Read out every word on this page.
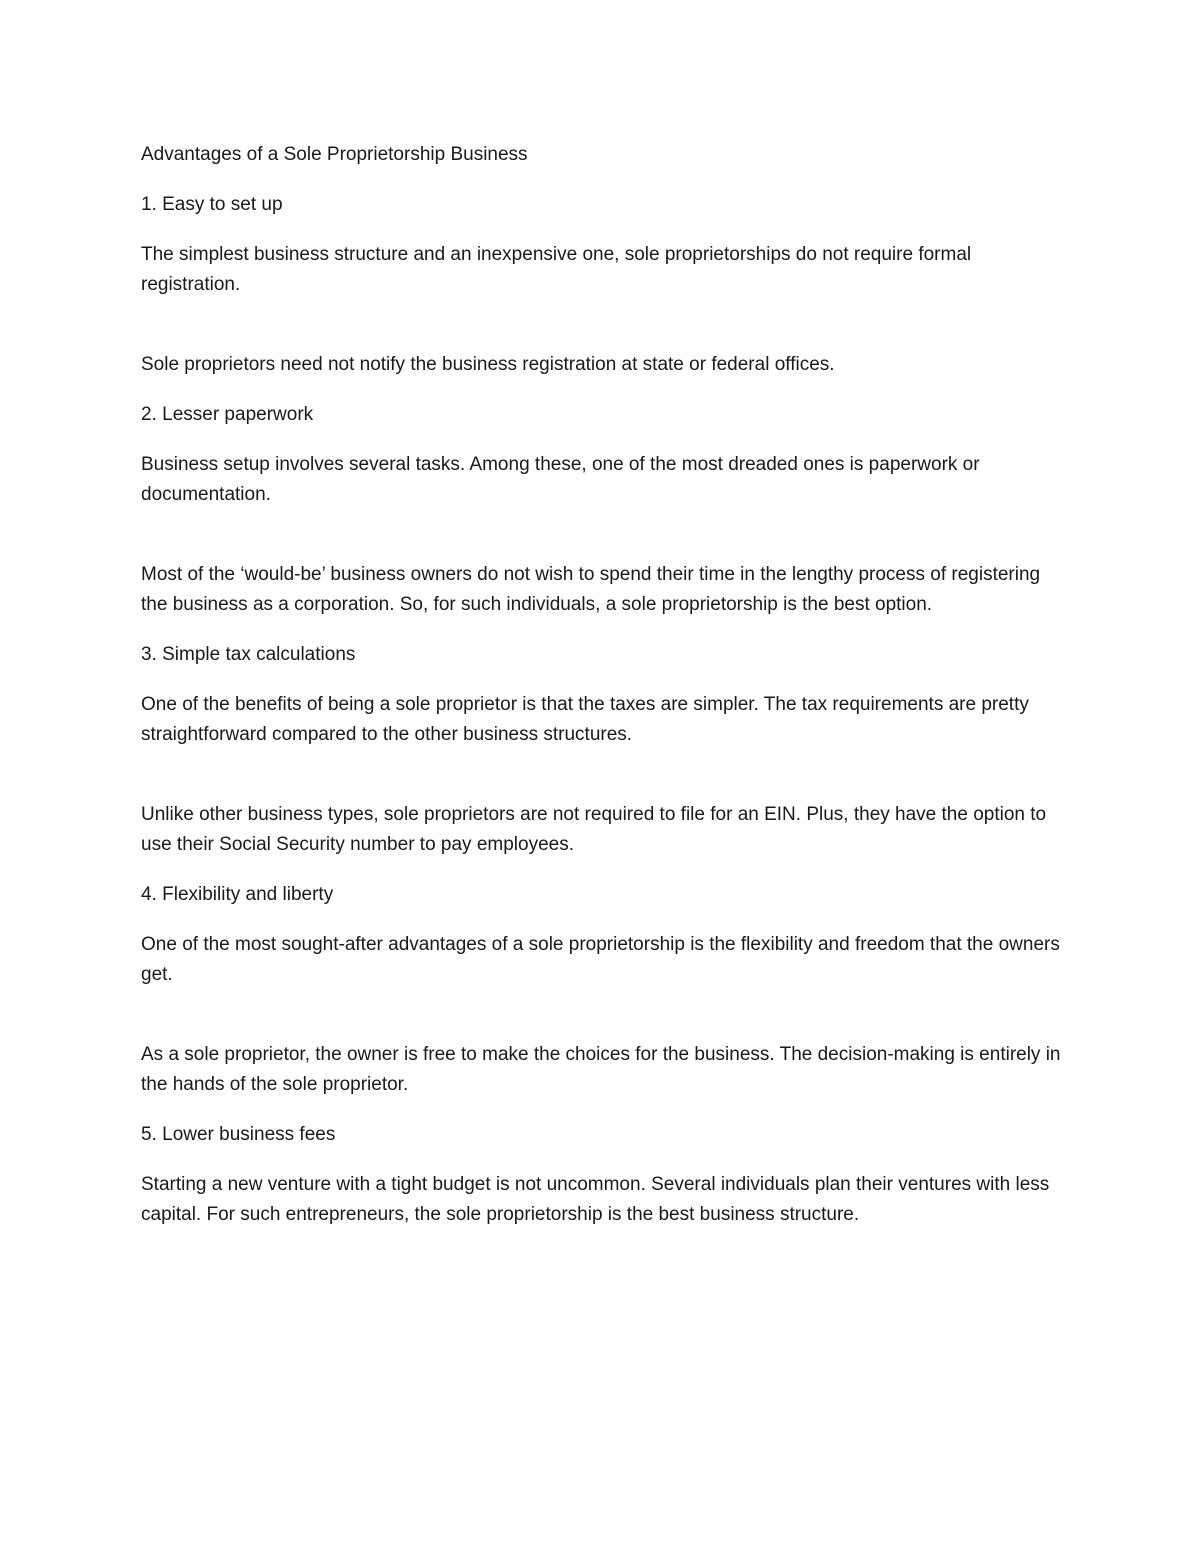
Advantages of a Sole Proprietorship Business

1. Easy to set up

The simplest business structure and an inexpensive one, sole proprietorships do not require formal registration.

Sole proprietors need not notify the business registration at state or federal offices.

2. Lesser paperwork

Business setup involves several tasks. Among these, one of the most dreaded ones is paperwork or documentation.

Most of the ‘would-be’ business owners do not wish to spend their time in the lengthy process of registering the business as a corporation. So, for such individuals, a sole proprietorship is the best option.

3. Simple tax calculations

One of the benefits of being a sole proprietor is that the taxes are simpler. The tax requirements are pretty straightforward compared to the other business structures.

Unlike other business types, sole proprietors are not required to file for an EIN. Plus, they have the option to use their Social Security number to pay employees.

4. Flexibility and liberty

One of the most sought-after advantages of a sole proprietorship is the flexibility and freedom that the owners get.

As a sole proprietor, the owner is free to make the choices for the business. The decision-making is entirely in the hands of the sole proprietor.

5. Lower business fees

Starting a new venture with a tight budget is not uncommon. Several individuals plan their ventures with less capital. For such entrepreneurs, the sole proprietorship is the best business structure.
